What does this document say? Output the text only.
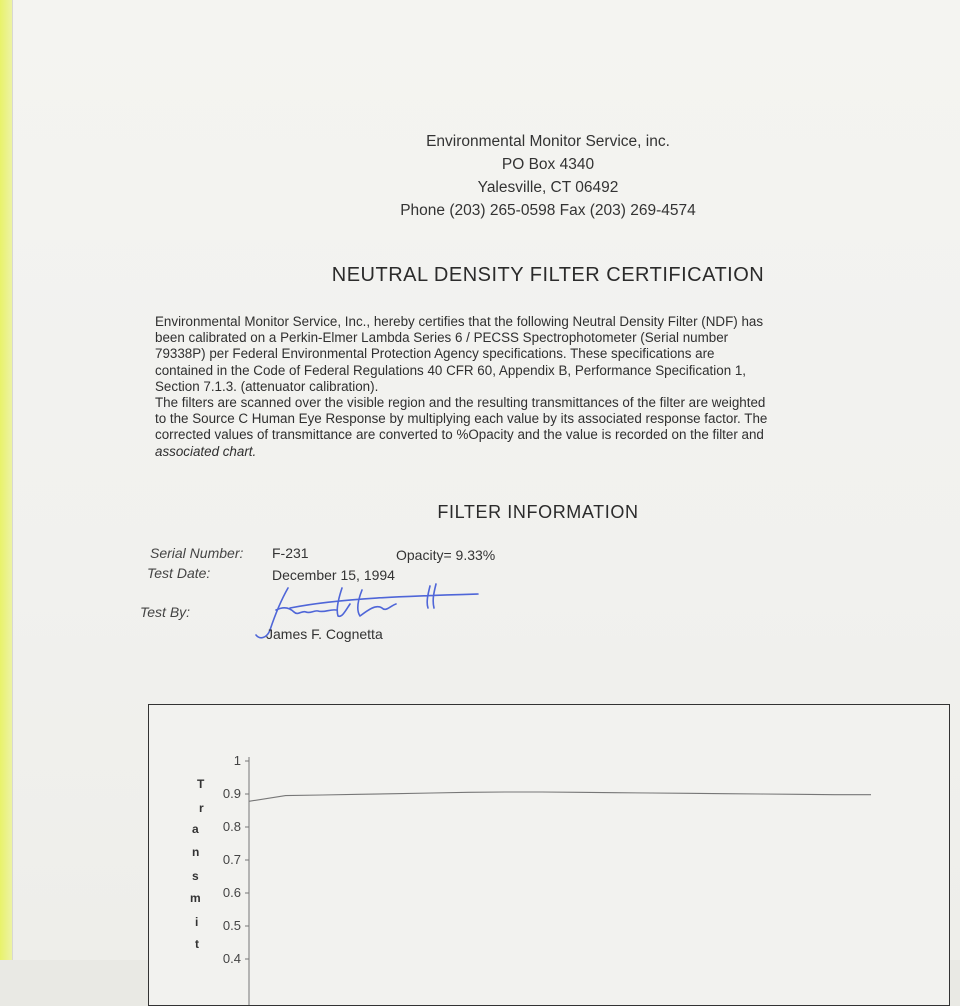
Environmental Monitor Service, inc.
PO Box 4340
Yalesville, CT 06492
Phone (203) 265-0598 Fax (203) 269-4574
NEUTRAL DENSITY FILTER CERTIFICATION

Environmental Monitor Service, Inc., hereby certifies that the following Neutral Density Filter (NDF) has

been calibrated on a Perkin-Elmer Lambda Series 6 / PECSS Spectrophotometer (Serial number

79338P) per Federal Environmental Protection Agency specifications. These specifications are

contained in the Code of Federal Regulations 40 CFR 60, Appendix B, Performance Specification 1,

Section 7.1.3. (attenuator calibration).

The filters are scanned over the visible region and the resulting transmittances of the filter are weighted

to the Source C Human Eye Response by multiplying each value by its associated response factor. The

corrected values of transmittance are converted to %Opacity and the value is recorded on the filter and

associated chart.

FILTER INFORMATION
Serial Number: F-231	Opacity= 9.33%
Test Date:	December 15, 1994
Test By:
James F. Cognetta
T
r
a
n
s
m
i
t
1
0.9
0.8
0.7
0.6
0.5
0.4
